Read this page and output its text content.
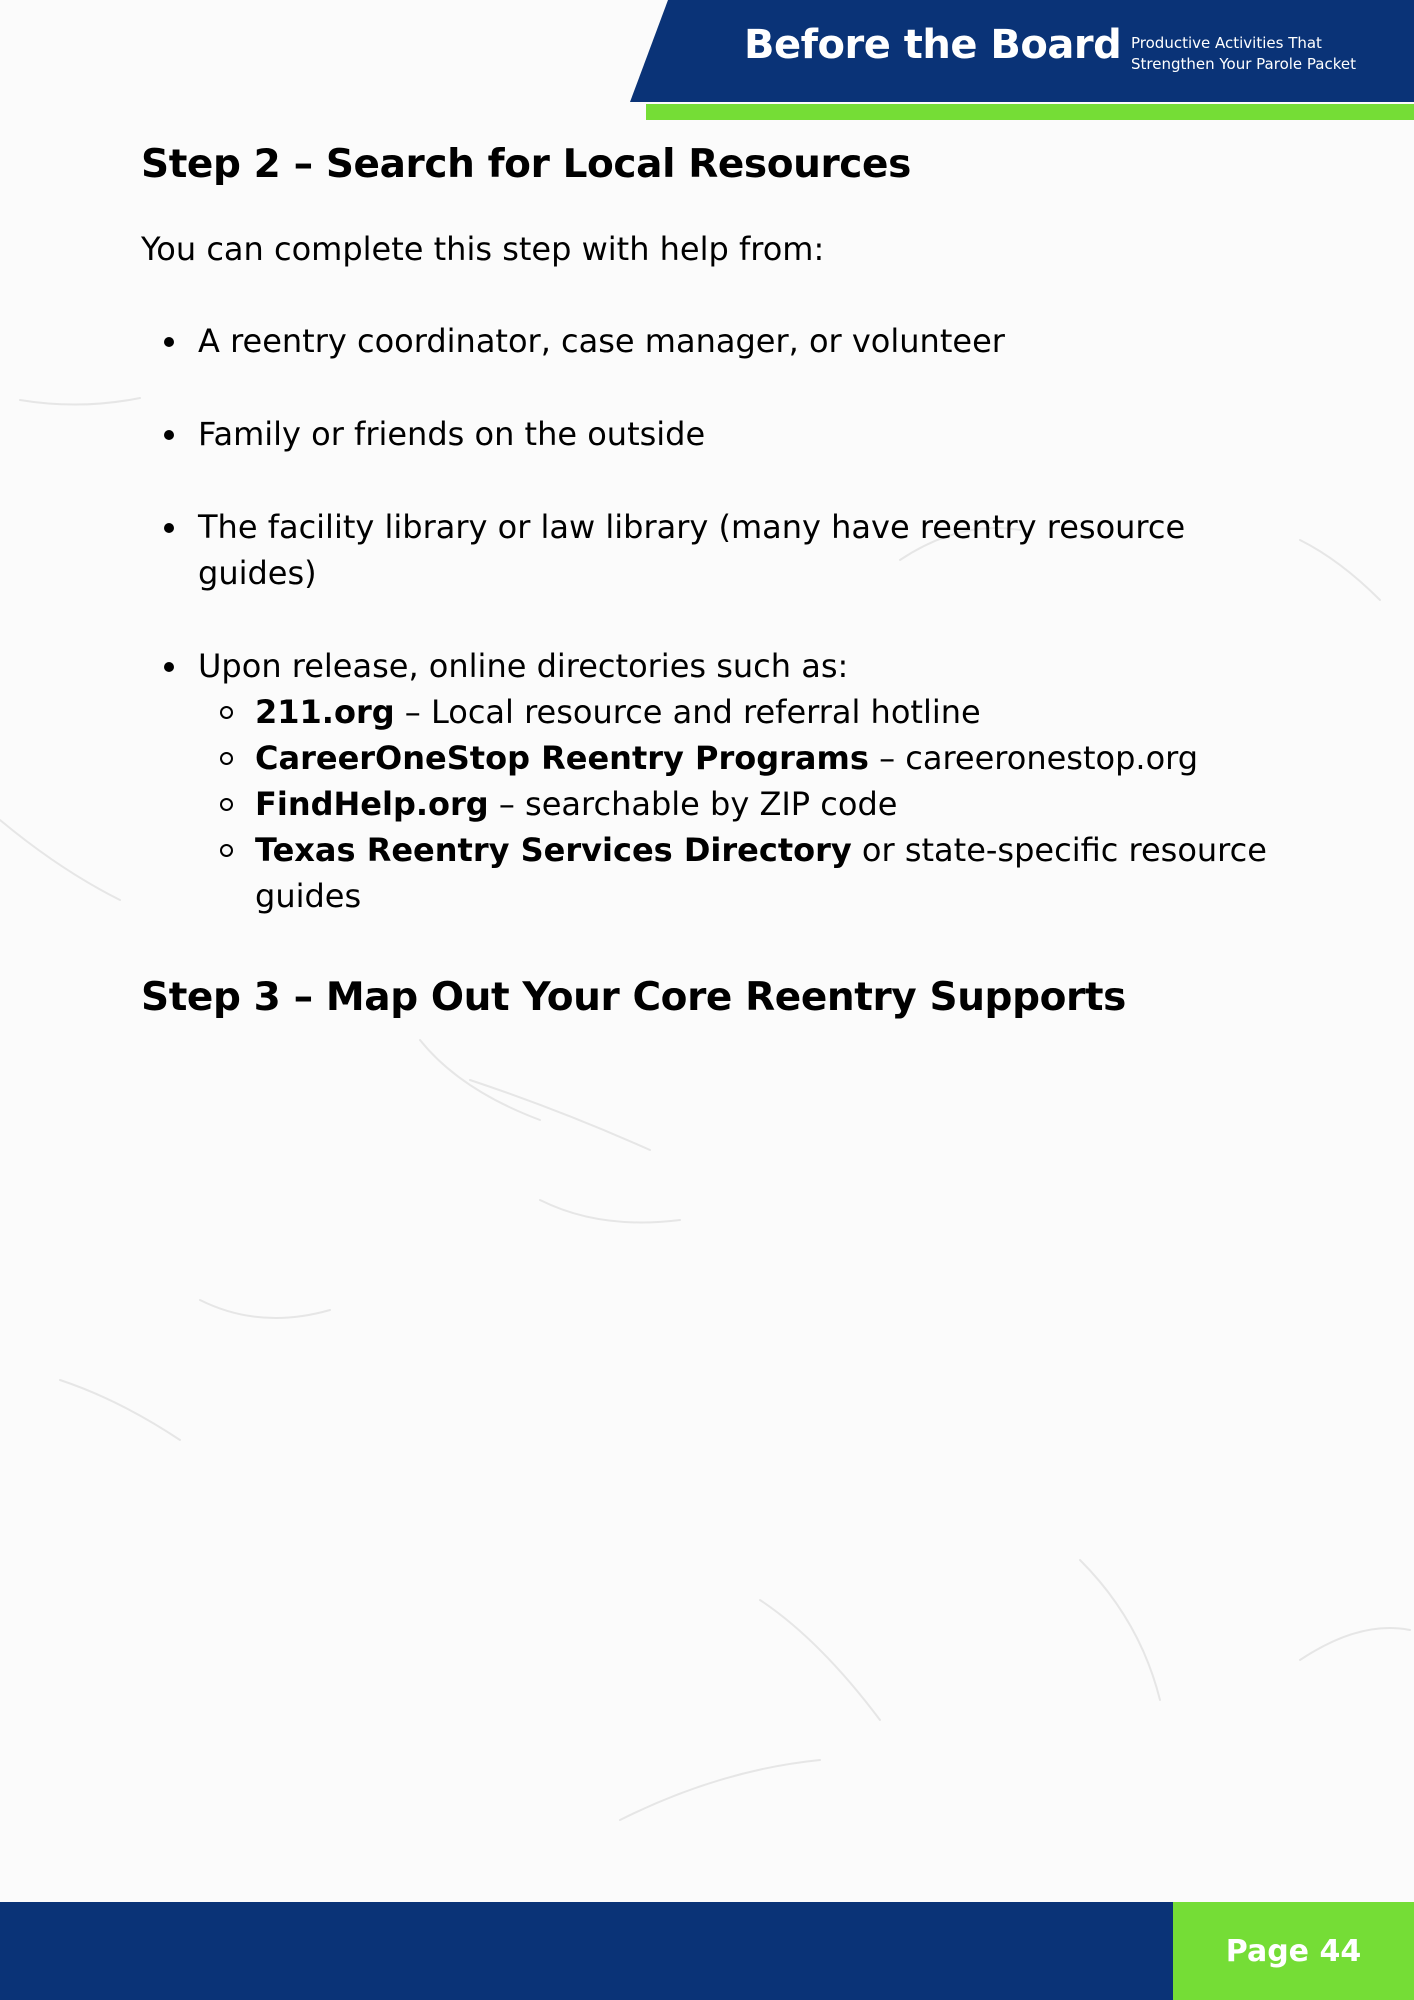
Before the Board Productive Activities That
Strengthen Your Parole Packet
Step 2 – Search for Local Resources

You can complete this step with help from:

A reentry coordinator, case manager, or volunteer
Family or friends on the outside
The facility library or law library (many have reentry resource guides)
Upon release, online directories such as:
211.org – Local resource and referral hotline
CareerOneStop Reentry Programs – careeronestop.org
FindHelp.org – searchable by ZIP code
Texas Reentry Services Directory or state-specific resource guides
Step 3 – Map Out Your Core Reentry Supports
Page 44
